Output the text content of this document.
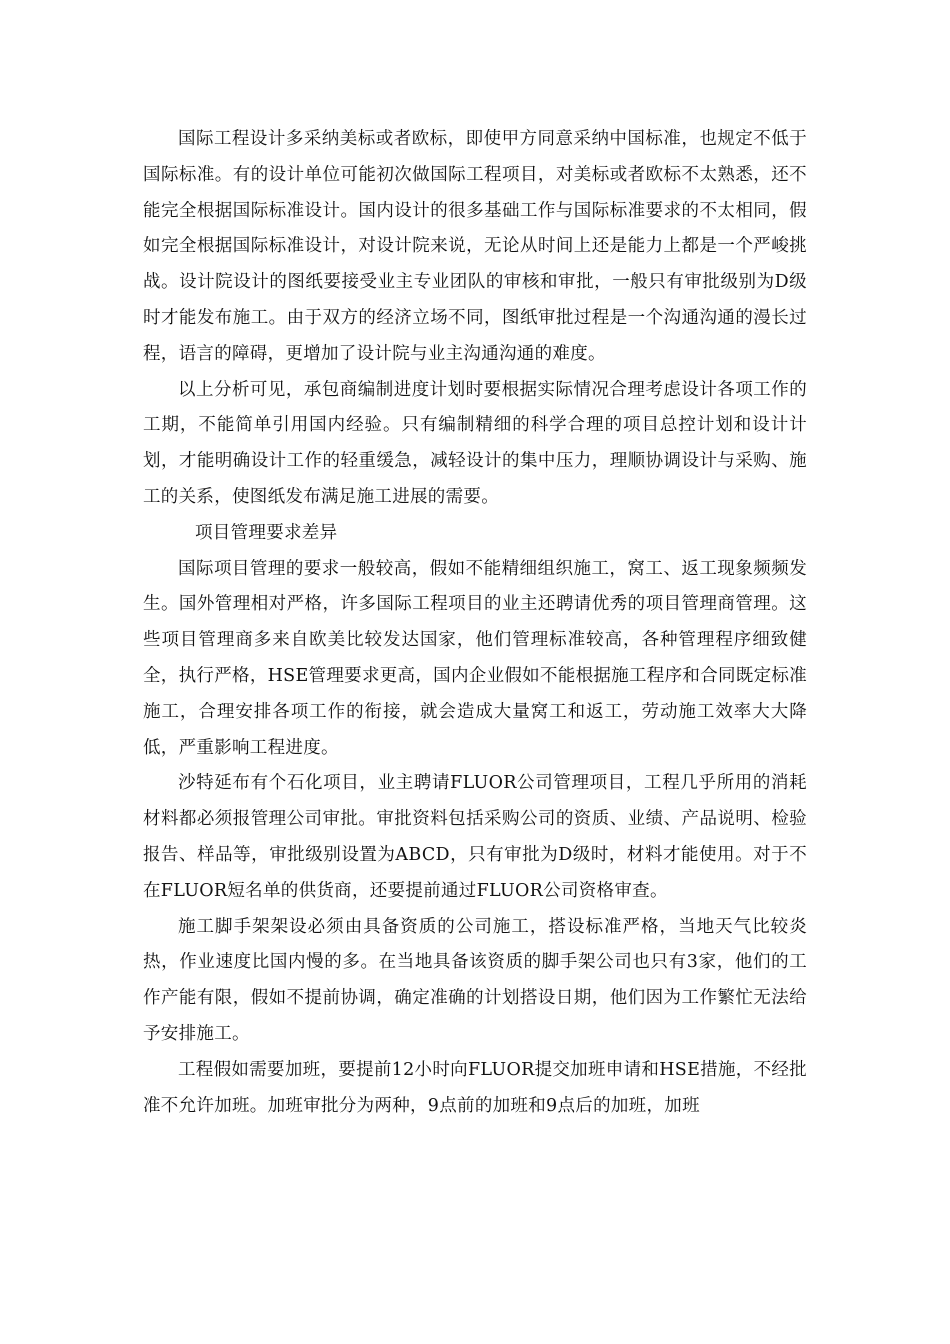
国际工程设计多采纳美标或者欧标，即使甲方同意采纳中国标准，也规定不低于国际标准。有的设计单位可能初次做国际工程项目，对美标或者欧标不太熟悉，还不能完全根据国际标准设计。国内设计的很多基础工作与国际标准要求的不太相同，假如完全根据国际标准设计，对设计院来说，无论从时间上还是能力上都是一个严峻挑战。设计院设计的图纸要接受业主专业团队的审核和审批，一般只有审批级别为D级时才能发布施工。由于双方的经济立场不同，图纸审批过程是一个沟通沟通的漫长过程，语言的障碍，更增加了设计院与业主沟通沟通的难度。

以上分析可见，承包商编制进度计划时要根据实际情况合理考虑设计各项工作的工期，不能简单引用国内经验。只有编制精细的科学合理的项目总控计划和设计计划，才能明确设计工作的轻重缓急，减轻设计的集中压力，理顺协调设计与采购、施工的关系，使图纸发布满足施工进展的需要。

项目管理要求差异

国际项目管理的要求一般较高，假如不能精细组织施工，窝工、返工现象频频发生。国外管理相对严格，许多国际工程项目的业主还聘请优秀的项目管理商管理。这些项目管理商多来自欧美比较发达国家，他们管理标准较高，各种管理程序细致健全，执行严格，HSE管理要求更高，国内企业假如不能根据施工程序和合同既定标准施工，合理安排各项工作的衔接，就会造成大量窝工和返工，劳动施工效率大大降低，严重影响工程进度。

沙特延布有个石化项目，业主聘请FLUOR公司管理项目，工程几乎所用的消耗材料都必须报管理公司审批。审批资料包括采购公司的资质、业绩、产品说明、检验报告、样品等，审批级别设置为ABCD，只有审批为D级时，材料才能使用。对于不在FLUOR短名单的供货商，还要提前通过FLUOR公司资格审查。

施工脚手架架设必须由具备资质的公司施工，搭设标准严格，当地天气比较炎热，作业速度比国内慢的多。在当地具备该资质的脚手架公司也只有3家，他们的工作产能有限，假如不提前协调，确定准确的计划搭设日期，他们因为工作繁忙无法给予安排施工。

工程假如需要加班，要提前12小时向FLUOR提交加班申请和HSE措施，不经批准不允许加班。加班审批分为两种，9点前的加班和9点后的加班，加班
